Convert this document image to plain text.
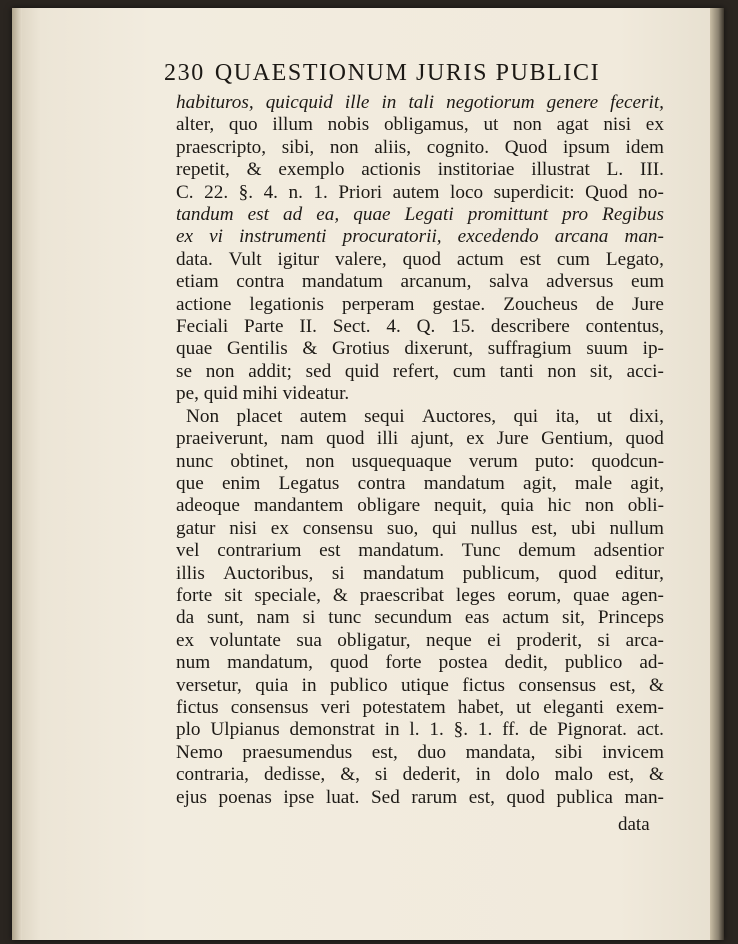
230 QUAESTIONUM JURIS PUBLICI
habituros, quicquid ille in tali negotiorum genere fecerit,
alter, quo illum nobis obligamus, ut non agat nisi ex
praescripto, sibi, non aliis, cognito. Quod ipsum idem
repetit, & exemplo actionis institoriae illustrat L. III.
C. 22. §. 4. n. 1. Priori autem loco superdicit: Quod no-
tandum est ad ea, quae Legati promittunt pro Regibus
ex vi instrumenti procuratorii, excedendo arcana man-
data. Vult igitur valere, quod actum est cum Legato,
etiam contra mandatum arcanum, salva adversus eum
actione legationis perperam gestae. Zoucheus de Jure
Feciali Parte II. Sect. 4. Q. 15. describere contentus,
quae Gentilis & Grotius dixerunt, suffragium suum ip-
se non addit; sed quid refert, cum tanti non sit, acci-
pe, quid mihi videatur.
Non placet autem sequi Auctores, qui ita, ut dixi,
praeiverunt, nam quod illi ajunt, ex Jure Gentium, quod
nunc obtinet, non usquequaque verum puto: quodcun-
que enim Legatus contra mandatum agit, male agit,
adeoque mandantem obligare nequit, quia hic non obli-
gatur nisi ex consensu suo, qui nullus est, ubi nullum
vel contrarium est mandatum. Tunc demum adsentior
illis Auctoribus, si mandatum publicum, quod editur,
forte sit speciale, & praescribat leges eorum, quae agen-
da sunt, nam si tunc secundum eas actum sit, Princeps
ex voluntate sua obligatur, neque ei proderit, si arca-
num mandatum, quod forte postea dedit, publico ad-
versetur, quia in publico utique fictus consensus est, &
fictus consensus veri potestatem habet, ut eleganti exem-
plo Ulpianus demonstrat in l. 1. §. 1. ff. de Pignorat. act.
Nemo praesumendus est, duo mandata, sibi invicem
contraria, dedisse, &, si dederit, in dolo malo est, &
ejus poenas ipse luat. Sed rarum est, quod publica man-
data
